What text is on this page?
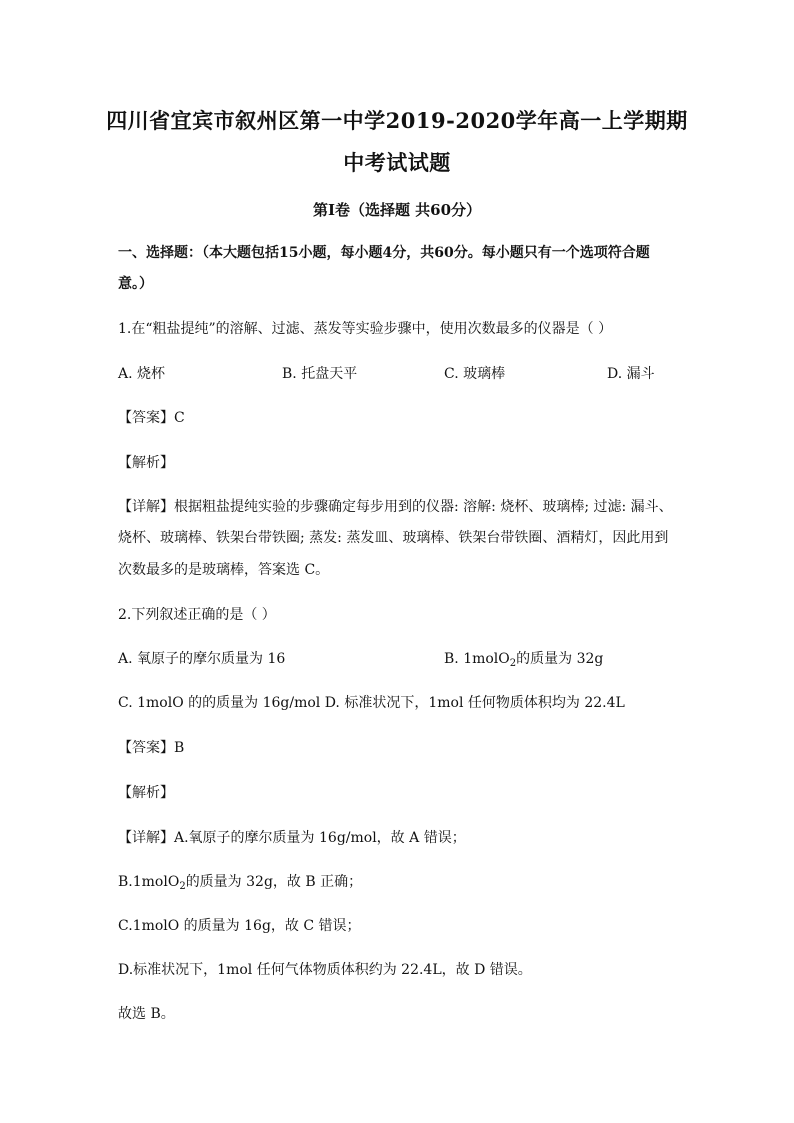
四川省宜宾市叙州区第一中学2019-2020学年高一上学期期
中考试试题
第Ⅰ卷（选择题 共60分）
一、选择题：（本大题包括15小题，每小题4分，共60分。每小题只有一个选项符合题
意。）
1.在“粗盐提纯”的溶解、过滤、蒸发等实验步骤中，使用次数最多的仪器是（ ）
A. 烧杯	B. 托盘天平	C. 玻璃棒	D. 漏斗
【答案】C
【解析】
【详解】根据粗盐提纯实验的步骤确定每步用到的仪器: 溶解: 烧杯、玻璃棒; 过滤: 漏斗、
烧杯、玻璃棒、铁架台带铁圈; 蒸发: 蒸发皿、玻璃棒、铁架台带铁圈、酒精灯，因此用到
次数最多的是玻璃棒，答案选 C。
2.下列叙述正确的是（ ）
A. 氧原子的摩尔质量为 16	B. 1molO$_2$的质量为 32g
C. 1molO 的的质量为 16g/mol D. 标准状况下，1mol 任何物质体积均为 22.4L
【答案】B
【解析】
【详解】A.氧原子的摩尔质量为 16g/mol，故 A 错误；
B.1molO$_2$的质量为 32g，故 B 正确；
C.1molO 的质量为 16g，故 C 错误；
D.标准状况下，1mol 任何气体物质体积约为 22.4L，故 D 错误。
故选 B。
